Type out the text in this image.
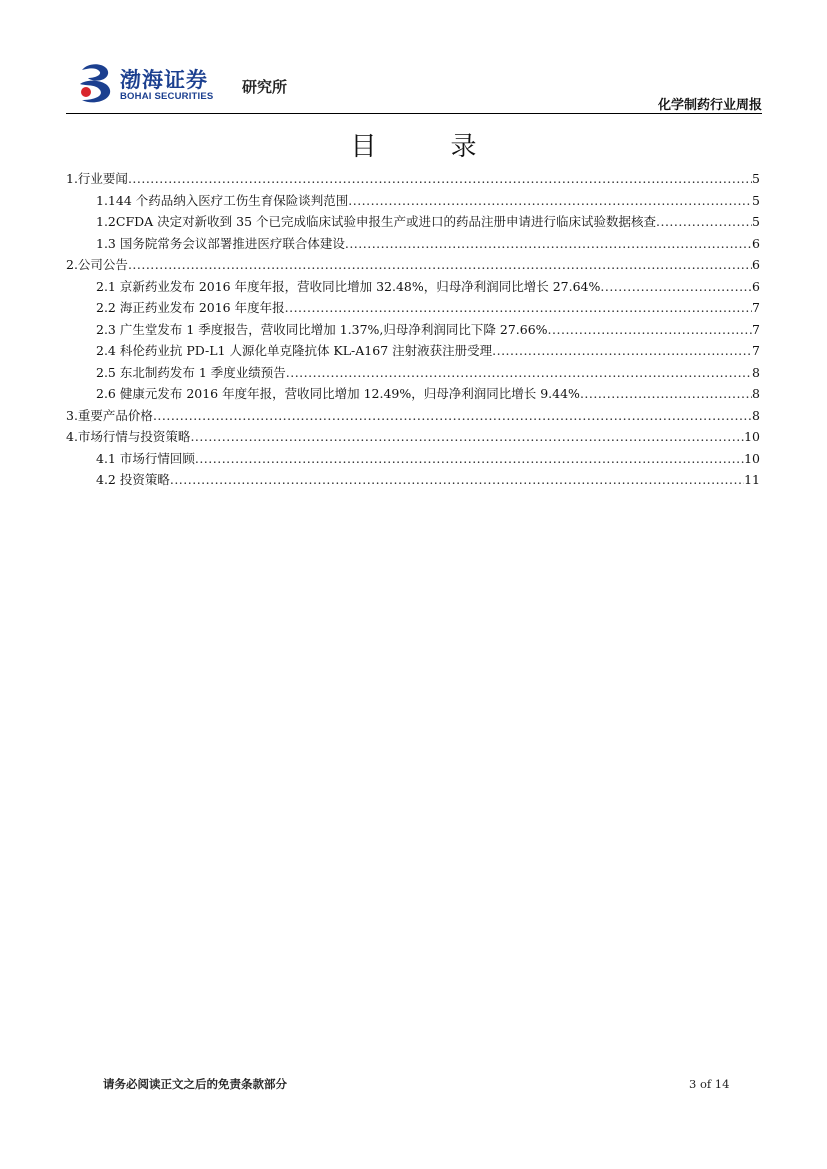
渤海证券
BOHAI SECURITIES
研究所
化学制药行业周报
目　录
1.行业要闻 .....	5
1.144 个药品纳入医疗工伤生育保险谈判范围 .....	5
1.2CFDA 决定对新收到 35 个已完成临床试验申报生产或进口的药品注册申请进行临床试验数据核查 .....	5
1.3 国务院常务会议部署推进医疗联合体建设 .....	6
2.公司公告 .....	6
2.1 京新药业发布 2016 年度年报，营收同比增加 32.48%，归母净利润同比增长 27.64% .....	6
2.2 海正药业发布 2016 年度年报 .....	7
2.3 广生堂发布 1 季度报告，营收同比增加 1.37%,归母净利润同比下降 27.66% .....	7
2.4 科伦药业抗 PD-L1 人源化单克隆抗体 KL-A167 注射液获注册受理 .....	7
2.5 东北制药发布 1 季度业绩预告 .....	8
2.6 健康元发布 2016 年度年报，营收同比增加 12.49%，归母净利润同比增长 9.44% .....	8
3.重要产品价格 .....	8
4.市场行情与投资策略 .....	10
4.1 市场行情回顾 .....	10
4.2 投资策略 .....	11
请务必阅读正文之后的免责条款部分	3 of 14
